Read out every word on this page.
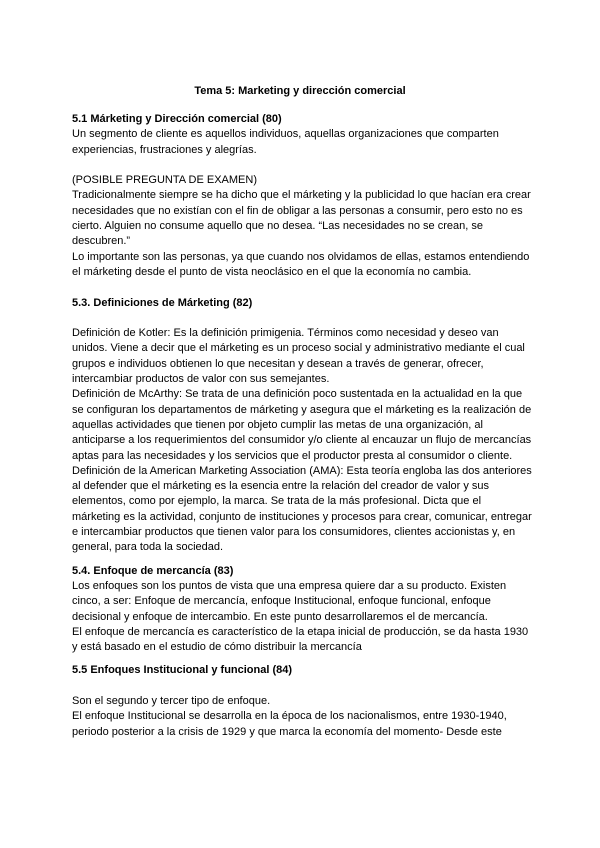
Tema 5: Marketing y dirección comercial
5.1 Márketing y Dirección comercial (80)

Un segmento de cliente es aquellos individuos, aquellas organizaciones que comparten experiencias, frustraciones y alegrías.

(POSIBLE PREGUNTA DE EXAMEN)

Tradicionalmente siempre se ha dicho que el márketing y la publicidad lo que hacían era crear necesidades que no existían con el fin de obligar a las personas a consumir, pero esto no es cierto. Alguien no consume aquello que no desea. “Las necesidades no se crean, se descubren.”

Lo importante son las personas, ya que cuando nos olvidamos de ellas, estamos entendiendo el márketing desde el punto de vista neoclásico en el que la economía no cambia.

5.3. Definiciones de Márketing (82)

Definición de Kotler: Es la definición primigenia. Términos como necesidad y deseo van unidos. Viene a decir que el márketing es un proceso social y administrativo mediante el cual grupos e individuos obtienen lo que necesitan y desean a través de generar, ofrecer, intercambiar productos de valor con sus semejantes.

Definición de McArthy: Se trata de una definición poco sustentada en la actualidad en la que se configuran los departamentos de márketing y asegura que el márketing es la realización de aquellas actividades que tienen por objeto cumplir las metas de una organización, al anticiparse a los requerimientos del consumidor y/o cliente al encauzar un flujo de mercancías aptas para las necesidades y los servicios que el productor presta al consumidor o cliente.

Definición de la American Marketing Association (AMA): Esta teoría engloba las dos anteriores al defender que el márketing es la esencia entre la relación del creador de valor y sus elementos, como por ejemplo, la marca. Se trata de la más profesional. Dicta que el márketing es la actividad, conjunto de instituciones y procesos para crear, comunicar, entregar e intercambiar productos que tienen valor para los consumidores, clientes accionistas y, en general, para toda la sociedad.

5.4. Enfoque de mercancía (83)

Los enfoques son los puntos de vista que una empresa quiere dar a su producto. Existen cinco, a ser: Enfoque de mercancía, enfoque Institucional, enfoque funcional, enfoque decisional y enfoque de intercambio. En este punto desarrollaremos el de mercancía.

El enfoque de mercancía es característico de la etapa inicial de producción, se da hasta 1930 y está basado en el estudio de cómo distribuir la mercancía

5.5 Enfoques Institucional y funcional (84)

Son el segundo y tercer tipo de enfoque.

El enfoque Institucional se desarrolla en la época de los nacionalismos, entre 1930-1940, periodo posterior a la crisis de 1929 y que marca la economía del momento- Desde este
